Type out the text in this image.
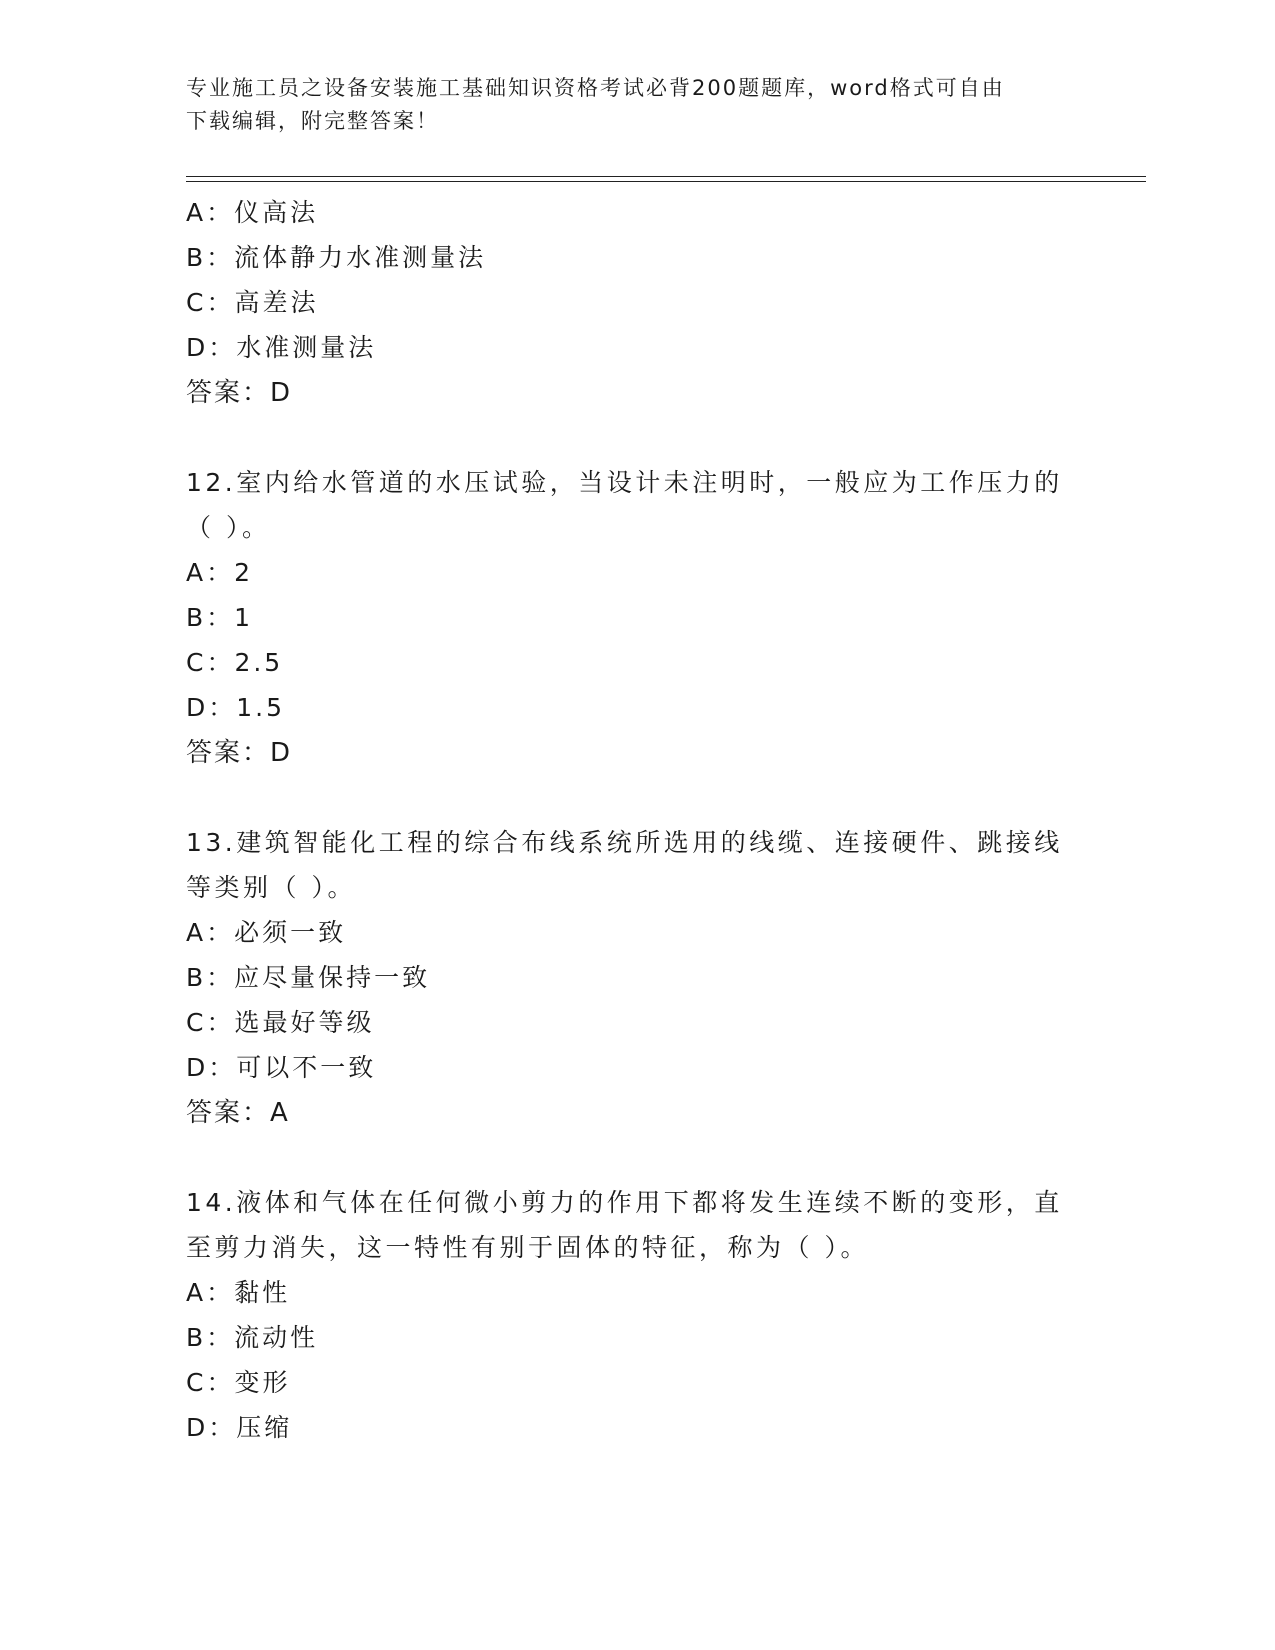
专业施工员之设备安装施工基础知识资格考试必背200题题库，word格式可自由
下载编辑，附完整答案！
A：仪高法
B：流体静力水准测量法
C：高差法
D：水准测量法
答案：D
12.室内给水管道的水压试验，当设计未注明时，一般应为工作压力的
（ ）。
A：2
B：1
C：2.5
D：1.5
答案：D
13.建筑智能化工程的综合布线系统所选用的线缆、连接硬件、跳接线
等类别（ ）。
A：必须一致
B：应尽量保持一致
C：选最好等级
D：可以不一致
答案：A
14.液体和气体在任何微小剪力的作用下都将发生连续不断的变形，直
至剪力消失，这一特性有别于固体的特征，称为（ ）。
A：黏性
B：流动性
C：变形
D：压缩
